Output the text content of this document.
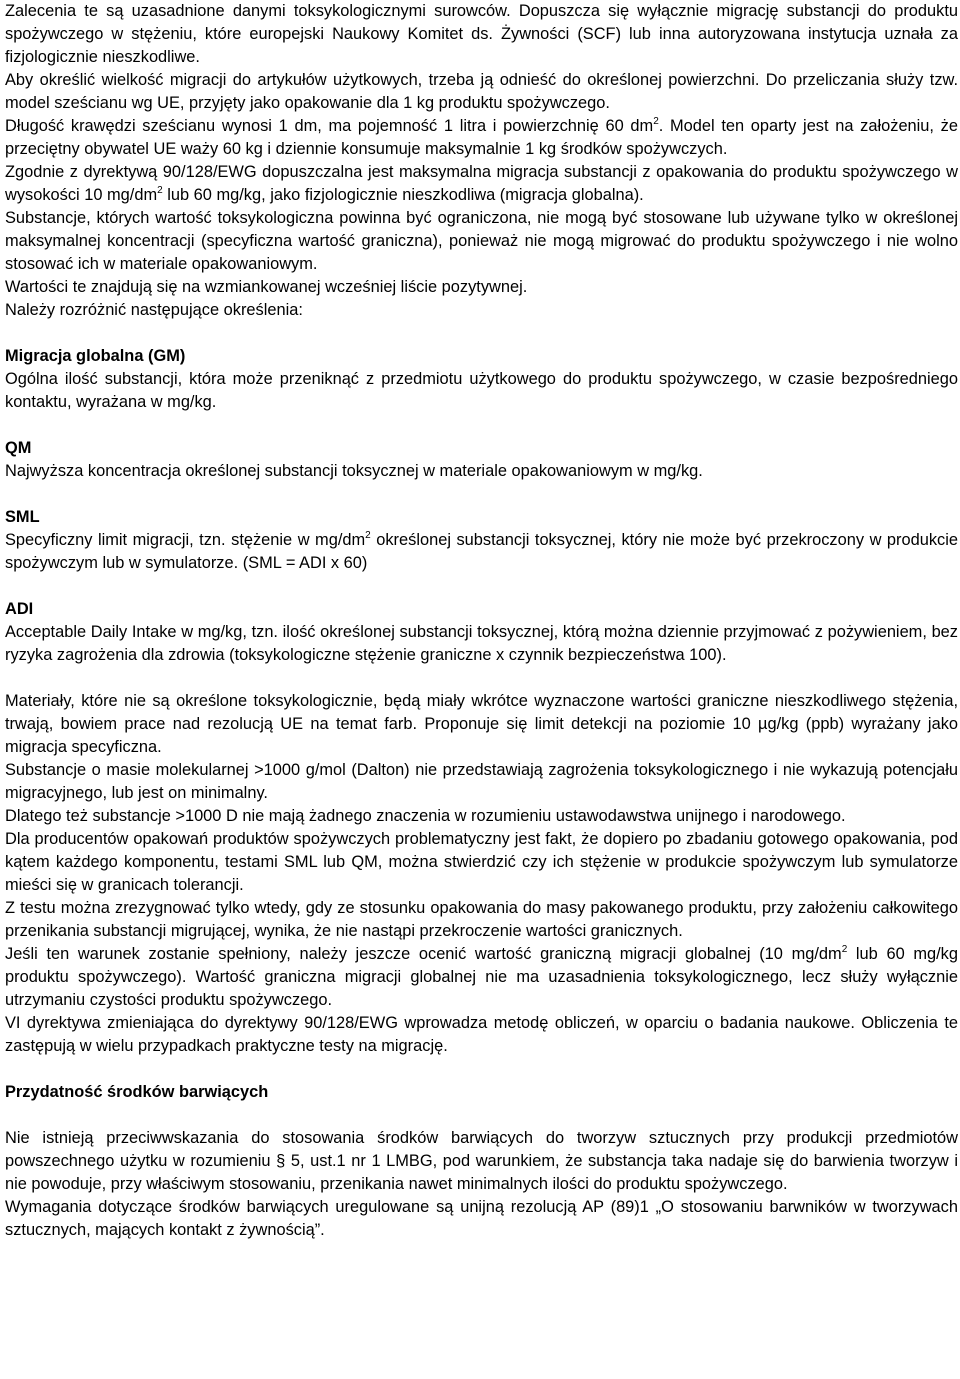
Zalecenia te są uzasadnione danymi toksykologicznymi surowców. Dopuszcza się wyłącznie migrację substancji do produktu spożywczego w stężeniu, które europejski Naukowy Komitet ds. Żywności (SCF) lub inna autoryzowana instytucja uznała za fizjologicznie nieszkodliwe.

Aby określić wielkość migracji do artykułów użytkowych, trzeba ją odnieść do określonej powierzchni. Do przeliczania służy tzw. model sześcianu wg UE, przyjęty jako opakowanie dla 1 kg produktu spożywczego.

Długość krawędzi sześcianu wynosi 1 dm, ma pojemność 1 litra i powierzchnię 60 $dm^2$. Model ten oparty jest na założeniu, że przeciętny obywatel UE waży 60 kg i dziennie konsumuje maksymalnie 1 kg środków spożywczych.

Zgodnie z dyrektywą 90/128/EWG dopuszczalna jest maksymalna migracja substancji z opakowania do produktu spożywczego w wysokości 10 $mg/dm^2$ lub 60 mg/kg, jako fizjologicznie nieszkodliwa (migracja globalna).

Substancje, których wartość toksykologiczna powinna być ograniczona, nie mogą być stosowane lub używane tylko w określonej maksymalnej koncentracji (specyficzna wartość graniczna), ponieważ nie mogą migrować do produktu spożywczego i nie wolno stosować ich w materiale opakowaniowym.

Wartości te znajdują się na wzmiankowanej wcześniej liście pozytywnej.

Należy rozróżnić następujące określenia:

Migracja globalna (GM)

Ogólna ilość substancji, która może przeniknąć z przedmiotu użytkowego do produktu spożywczego, w czasie bezpośredniego kontaktu, wyrażana w mg/kg.

QM

Najwyższa koncentracja określonej substancji toksycznej w materiale opakowaniowym w mg/kg.

SML

Specyficzny limit migracji, tzn. stężenie w $mg/dm^2$ określonej substancji toksycznej, który nie może być przekroczony w produkcie spożywczym lub w symulatorze. (SML = ADI x 60)

ADI

Acceptable Daily Intake w mg/kg, tzn. ilość określonej substancji toksycznej, którą można dziennie przyjmować z pożywieniem, bez ryzyka zagrożenia dla zdrowia (toksykologiczne stężenie graniczne x czynnik bezpieczeństwa 100).

Materiały, które nie są określone toksykologicznie, będą miały wkrótce wyznaczone wartości graniczne nieszkodliwego stężenia, trwają, bowiem prace nad rezolucją UE na temat farb. Proponuje się limit detekcji na poziomie 10 µg/kg (ppb) wyrażany jako migracja specyficzna.

Substancje o masie molekularnej >1000 g/mol (Dalton) nie przedstawiają zagrożenia toksykologicznego i nie wykazują potencjału migracyjnego, lub jest on minimalny.

Dlatego też substancje >1000 D nie mają żadnego znaczenia w rozumieniu ustawodawstwa unijnego i narodowego.

Dla producentów opakowań produktów spożywczych problematyczny jest fakt, że dopiero po zbadaniu gotowego opakowania, pod kątem każdego komponentu, testami SML lub QM, można stwierdzić czy ich stężenie w produkcie spożywczym lub symulatorze mieści się w granicach tolerancji.

Z testu można zrezygnować tylko wtedy, gdy ze stosunku opakowania do masy pakowanego produktu, przy założeniu całkowitego przenikania substancji migrującej, wynika, że nie nastąpi przekroczenie wartości granicznych.

Jeśli ten warunek zostanie spełniony, należy jeszcze ocenić wartość graniczną migracji globalnej (10 $mg/dm^2$ lub 60 mg/kg produktu spożywczego). Wartość graniczna migracji globalnej nie ma uzasadnienia toksykologicznego, lecz służy wyłącznie utrzymaniu czystości produktu spożywczego.

VI dyrektywa zmieniająca do dyrektywy 90/128/EWG wprowadza metodę obliczeń, w oparciu o badania naukowe. Obliczenia te zastępują w wielu przypadkach praktyczne testy na migrację.

Przydatność środków barwiących

Nie istnieją przeciwwskazania do stosowania środków barwiących do tworzyw sztucznych przy produkcji przedmiotów powszechnego użytku w rozumieniu § 5, ust.1 nr 1 LMBG, pod warunkiem, że substancja taka nadaje się do barwienia tworzyw i nie powoduje, przy właściwym stosowaniu, przenikania nawet minimalnych ilości do produktu spożywczego.

Wymagania dotyczące środków barwiących uregulowane są unijną rezolucją AP (89)1 „O stosowaniu barwników w tworzywach sztucznych, mających kontakt z żywnością”.
